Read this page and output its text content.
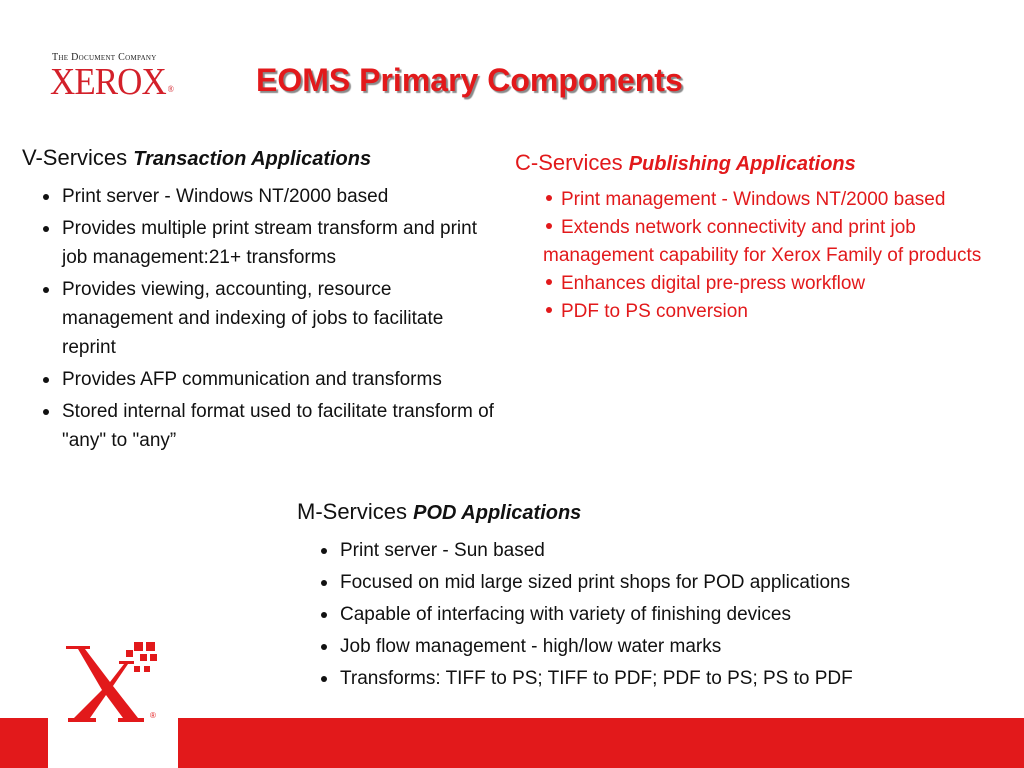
The Document Company
XEROX ®	EOMS Primary Components
V-Services Transaction Applications
Print server - Windows NT/2000 based
Provides multiple print stream transform and print job management:21+ transforms
Provides viewing, accounting, resource management and indexing of jobs to facilitate reprint
Provides AFP communication and transforms
Stored internal format used to facilitate transform of "any" to "any”
C-Services Publishing Applications
Print management - Windows NT/2000 based
Extends network connectivity and print job management capability for Xerox Family of products
Enhances digital pre-press workflow
PDF to PS conversion
M-Services POD Applications
Print server - Sun based
Focused on mid large sized print shops for POD applications
Capable of interfacing with variety of finishing devices
Job flow management - high/low water marks
Transforms: TIFF to PS; TIFF to PDF; PDF to PS; PS to PDF
®
